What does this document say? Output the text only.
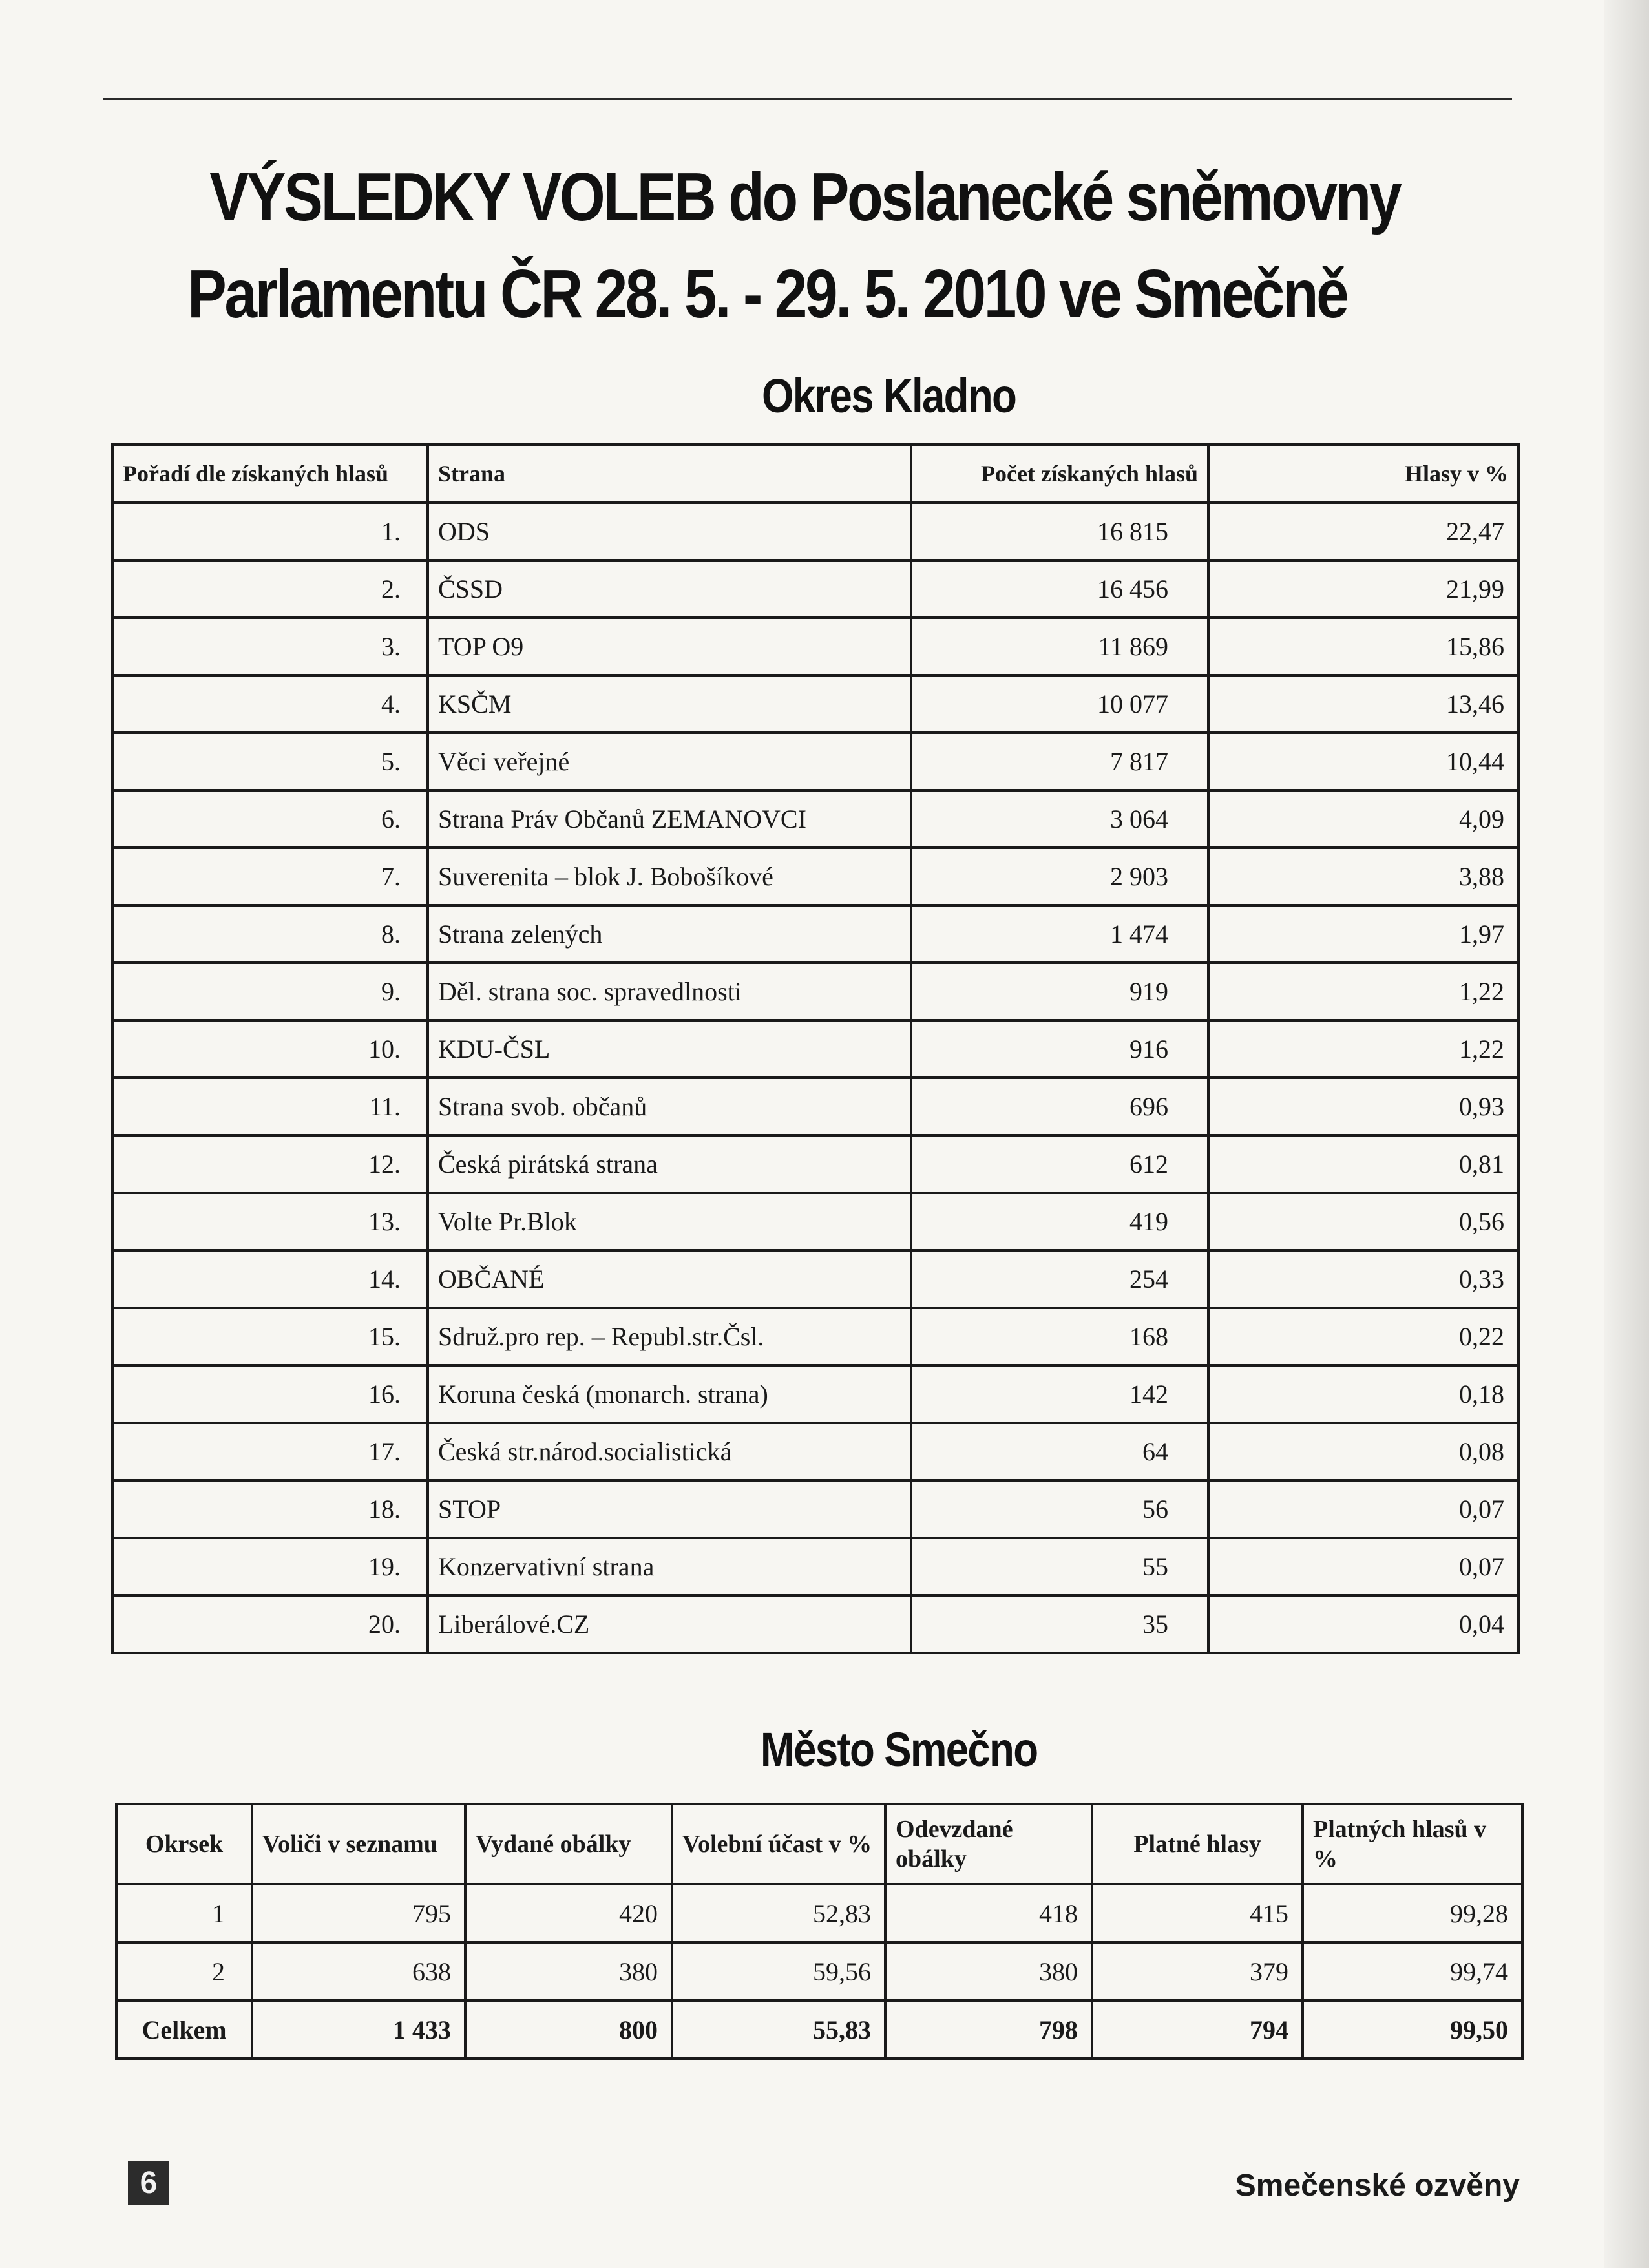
VÝSLEDKY VOLEB do Poslanecké sněmovny
Parlamentu ČR 28. 5. - 29. 5. 2010 ve Smečně
Okres Kladno
Pořadí dle získaných hlasů	Strana	Počet získaných hlasů	Hlasy v %
1.	ODS	16 815	22,47
2.	ČSSD	16 456	21,99
3.	TOP O9	11 869	15,86
4.	KSČM	10 077	13,46
5.	Věci veřejné	7 817	10,44
6.	Strana Práv Občanů ZEMANOVCI	3 064	4,09
7.	Suverenita – blok J. Bobošíkové	2 903	3,88
8.	Strana zelených	1 474	1,97
9.	Děl. strana soc. spravedlnosti	919	1,22
10.	KDU-ČSL	916	1,22
11.	Strana svob. občanů	696	0,93
12.	Česká pirátská strana	612	0,81
13.	Volte Pr.Blok	419	0,56
14.	OBČANÉ	254	0,33
15.	Sdruž.pro rep. – Republ.str.Čsl.	168	0,22
16.	Koruna česká (monarch. strana)	142	0,18
17.	Česká str.národ.socialistická	64	0,08
18.	STOP	56	0,07
19.	Konzervativní strana	55	0,07
20.	Liberálové.CZ	35	0,04
Město Smečno
Okrsek	Voliči v seznamu	Vydané obálky	Volební účast v %	Odevzdané obálky	Platné hlasy	Platných hlasů v %
1	795	420	52,83	418	415	99,28
2	638	380	59,56	380	379	99,74
Celkem	1 433	800	55,83	798	794	99,50
6	Smečenské ozvěny
